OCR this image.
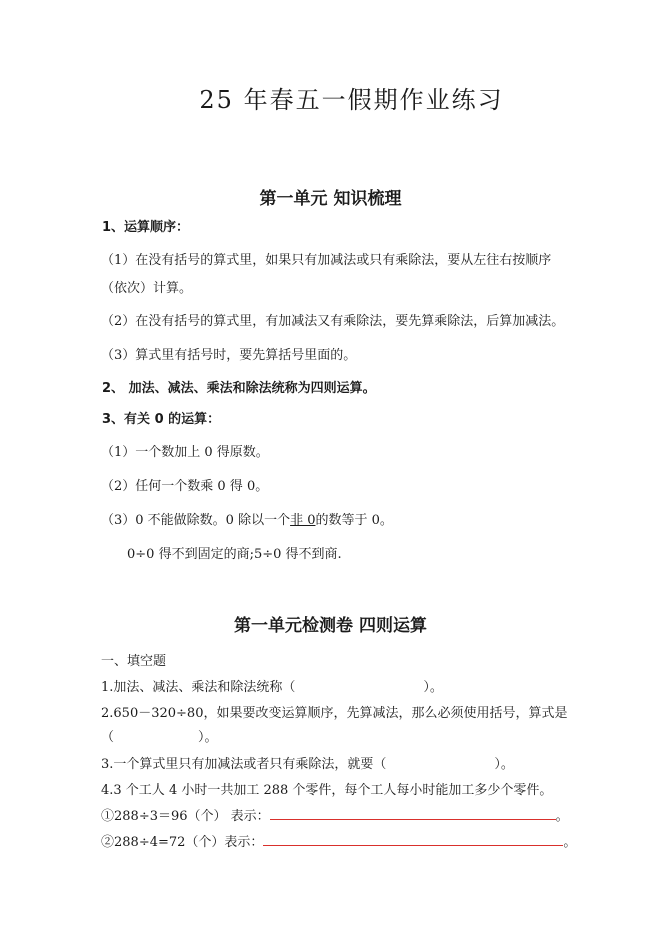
25 年春五一假期作业练习
第一单元 知识梳理
1、运算顺序：
（1）在没有括号的算式里，如果只有加减法或只有乘除法，要从左往右按顺序
（依次）计算。
（2）在没有括号的算式里，有加减法又有乘除法，要先算乘除法，后算加减法。
（3）算式里有括号时，要先算括号里面的。
2、 加法、减法、乘法和除法统称为四则运算。
3、有关 0 的运算：
（1）一个数加上 0 得原数。
（2）任何一个数乘 0 得 0。
（3）0 不能做除数。0 除以一个非 0的数等于 0。
0÷0 得不到固定的商;5÷0 得不到商.
第一单元检测卷 四则运算
一、填空题
1.加法、减法、乘法和除法统称（	）。
2.650－320÷80，如果要改变运算顺序，先算减法，那么必须使用括号，算式是
（	）。
3.一个算式里只有加减法或者只有乘除法，就要（	）。
4.3 个工人 4 小时一共加工 288 个零件，每个工人每小时能加工多少个零件。
①288÷3＝96（个） 表示：	。
②288÷4=72（个）表示：	。
